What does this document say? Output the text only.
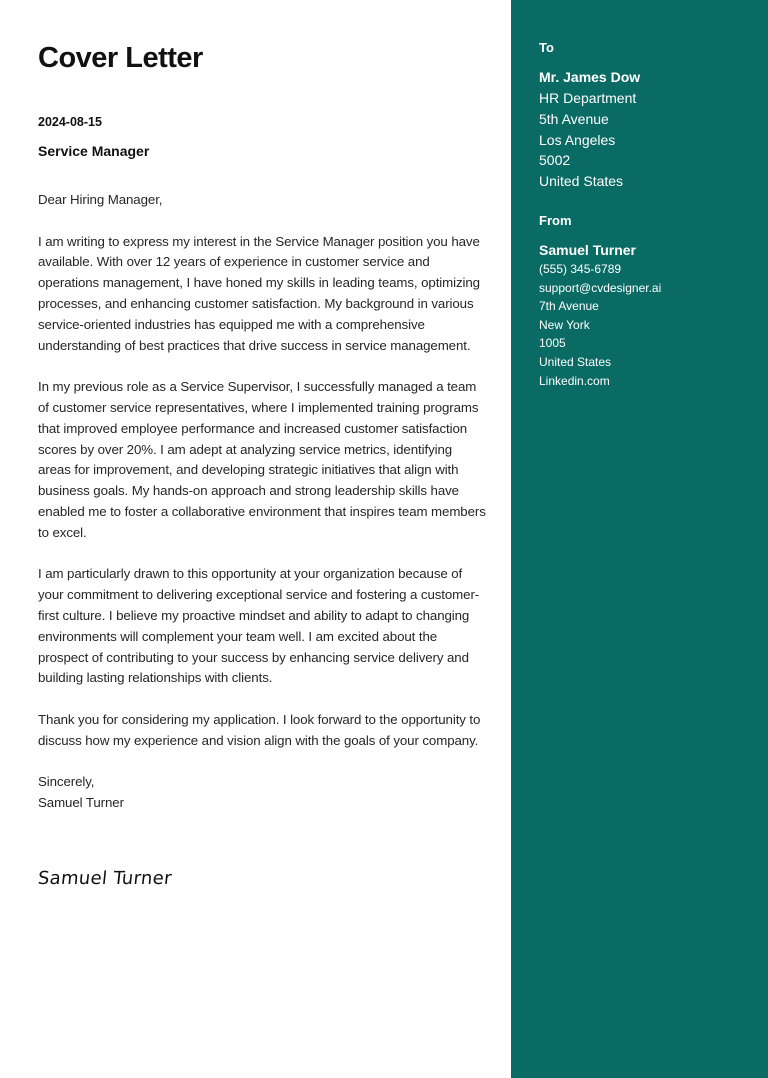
Cover Letter
2024-08-15
Service Manager

Dear Hiring Manager,

I am writing to express my interest in the Service Manager position you have available. With over 12 years of experience in customer service and operations management, I have honed my skills in leading teams, optimizing processes, and enhancing customer satisfaction. My background in various service-oriented industries has equipped me with a comprehensive understanding of best practices that drive success in service management.

In my previous role as a Service Supervisor, I successfully managed a team of customer service representatives, where I implemented training programs that improved employee performance and increased customer satisfaction scores by over 20%. I am adept at analyzing service metrics, identifying areas for improvement, and developing strategic initiatives that align with business goals. My hands-on approach and strong leadership skills have enabled me to foster a collaborative environment that inspires team members to excel.

I am particularly drawn to this opportunity at your organization because of your commitment to delivering exceptional service and fostering a customer-first culture. I believe my proactive mindset and ability to adapt to changing environments will complement your team well. I am excited about the prospect of contributing to your success by enhancing service delivery and building lasting relationships with clients.

Thank you for considering my application. I look forward to the opportunity to discuss how my experience and vision align with the goals of your company.

Sincerely,

Samuel Turner

Samuel Turner
To
Mr. James Dow
HR Department
5th Avenue
Los Angeles
5002
United States
From
Samuel Turner
(555) 345-6789
support@cvdesigner.ai
7th Avenue
New York
1005
United States
Linkedin.com
